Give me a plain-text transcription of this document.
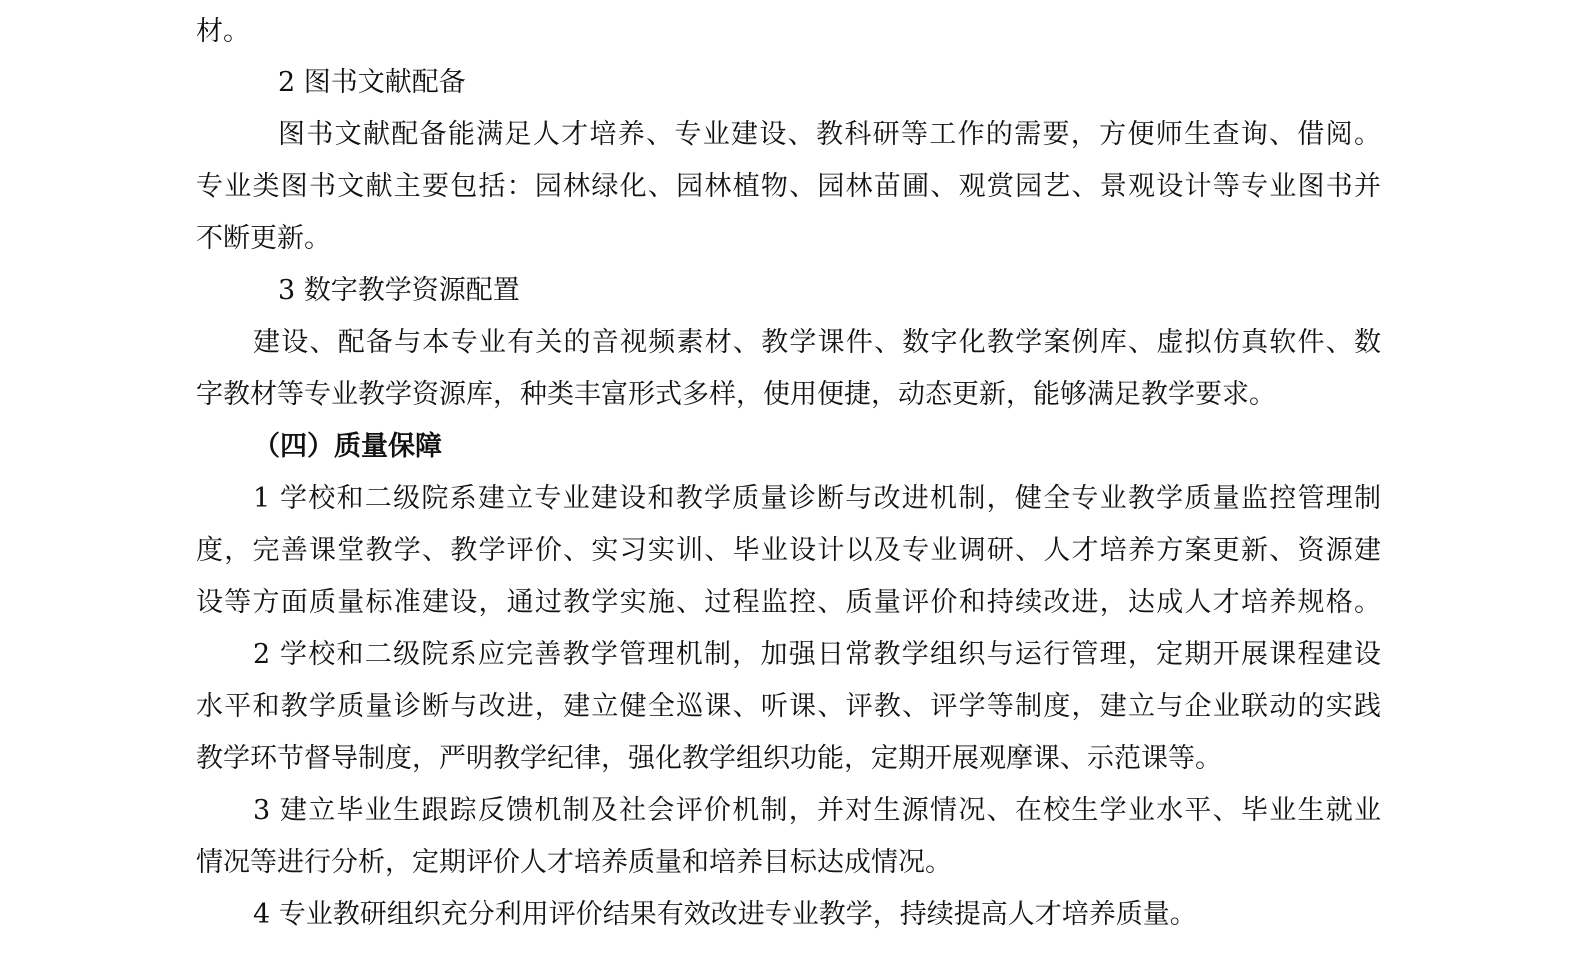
材。
2 图书文献配备
图书文献配备能满足人才培养、专业建设、教科研等工作的需要，方便师生查询、借阅。
专业类图书文献主要包括：园林绿化、园林植物、园林苗圃、观赏园艺、景观设计等专业图书并
不断更新。
3 数字教学资源配置
建设、配备与本专业有关的音视频素材、教学课件、数字化教学案例库、虚拟仿真软件、数
字教材等专业教学资源库，种类丰富形式多样，使用便捷，动态更新，能够满足教学要求。
（四）质量保障
1 学校和二级院系建立专业建设和教学质量诊断与改进机制，健全专业教学质量监控管理制
度，完善课堂教学、教学评价、实习实训、毕业设计以及专业调研、人才培养方案更新、资源建
设等方面质量标准建设，通过教学实施、过程监控、质量评价和持续改进，达成人才培养规格。
2 学校和二级院系应完善教学管理机制，加强日常教学组织与运行管理，定期开展课程建设
水平和教学质量诊断与改进，建立健全巡课、听课、评教、评学等制度，建立与企业联动的实践
教学环节督导制度，严明教学纪律，强化教学组织功能，定期开展观摩课、示范课等。
3 建立毕业生跟踪反馈机制及社会评价机制，并对生源情况、在校生学业水平、毕业生就业
情况等进行分析，定期评价人才培养质量和培养目标达成情况。
4 专业教研组织充分利用评价结果有效改进专业教学，持续提高人才培养质量。
